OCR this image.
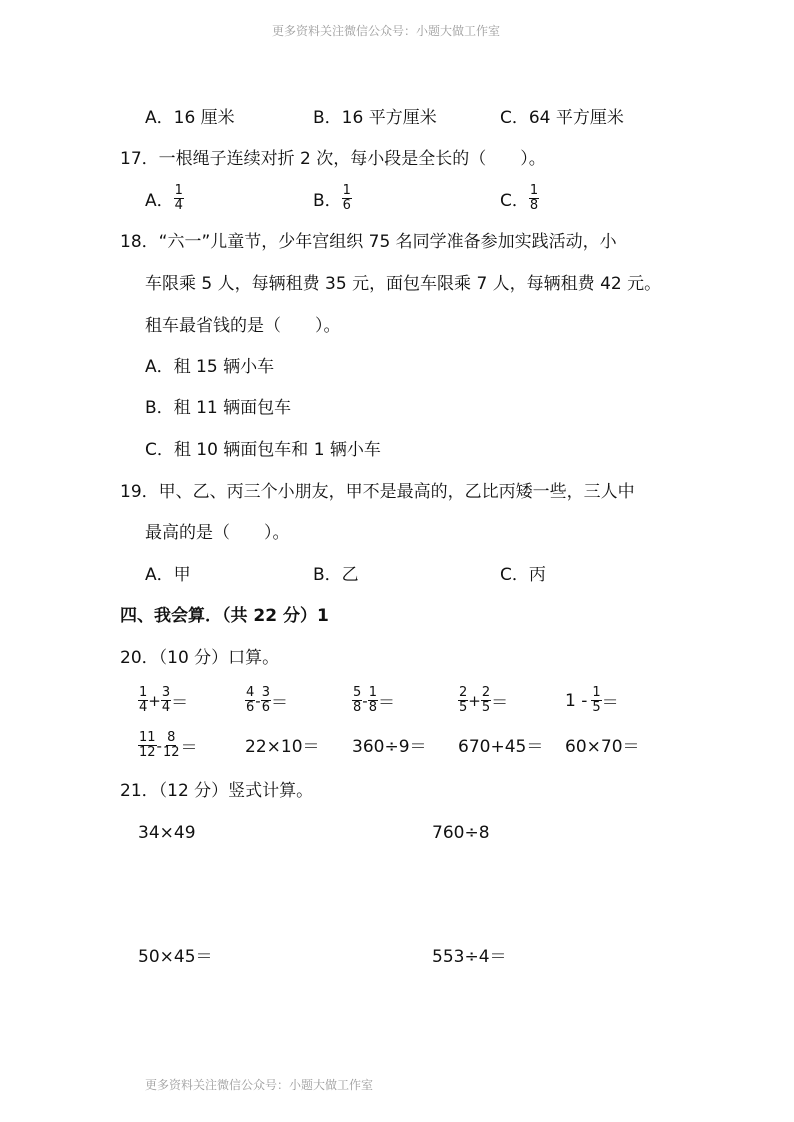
更多资料关注微信公众号：小题大做工作室
A．16 厘米	B．16 平方厘米	C．64 平方厘米
17．一根绳子连续对折 2 次，每小段是全长的（　　）。
A． $\frac{1}{4}$	B． $\frac{1}{6}$	C． $\frac{1}{8}$
18．“六一”儿童节，少年宫组织 75 名同学准备参加实践活动，小
车限乘 5 人，每辆租费 35 元，面包车限乘 7 人，每辆租费 42 元。
租车最省钱的是（　　）。
A．租 15 辆小车
B．租 11 辆面包车
C．租 10 辆面包车和 1 辆小车
19．甲、乙、丙三个小朋友，甲不是最高的，乙比丙矮一些，三人中
最高的是（　　）。
A．甲	B．乙	C．丙
四、我会算．（共 22 分）1
20．（10 分）口算。
$\frac{1}{4} + \frac{3}{4}$ ＝	$\frac{4}{6} - \frac{3}{6}$ ＝	$\frac{5}{8} - \frac{1}{8}$ ＝	$\frac{2}{5} + \frac{2}{5}$ ＝	$1 - \frac{1}{5}$ ＝
$\frac{11}{12} - \frac{8}{12}$ ＝	22×10＝ 360÷9＝ 670+45＝ 60×70＝
21．（12 分）竖式计算。
34×49	760÷8
50×45＝	553÷4＝
更多资料关注微信公众号：小题大做工作室
